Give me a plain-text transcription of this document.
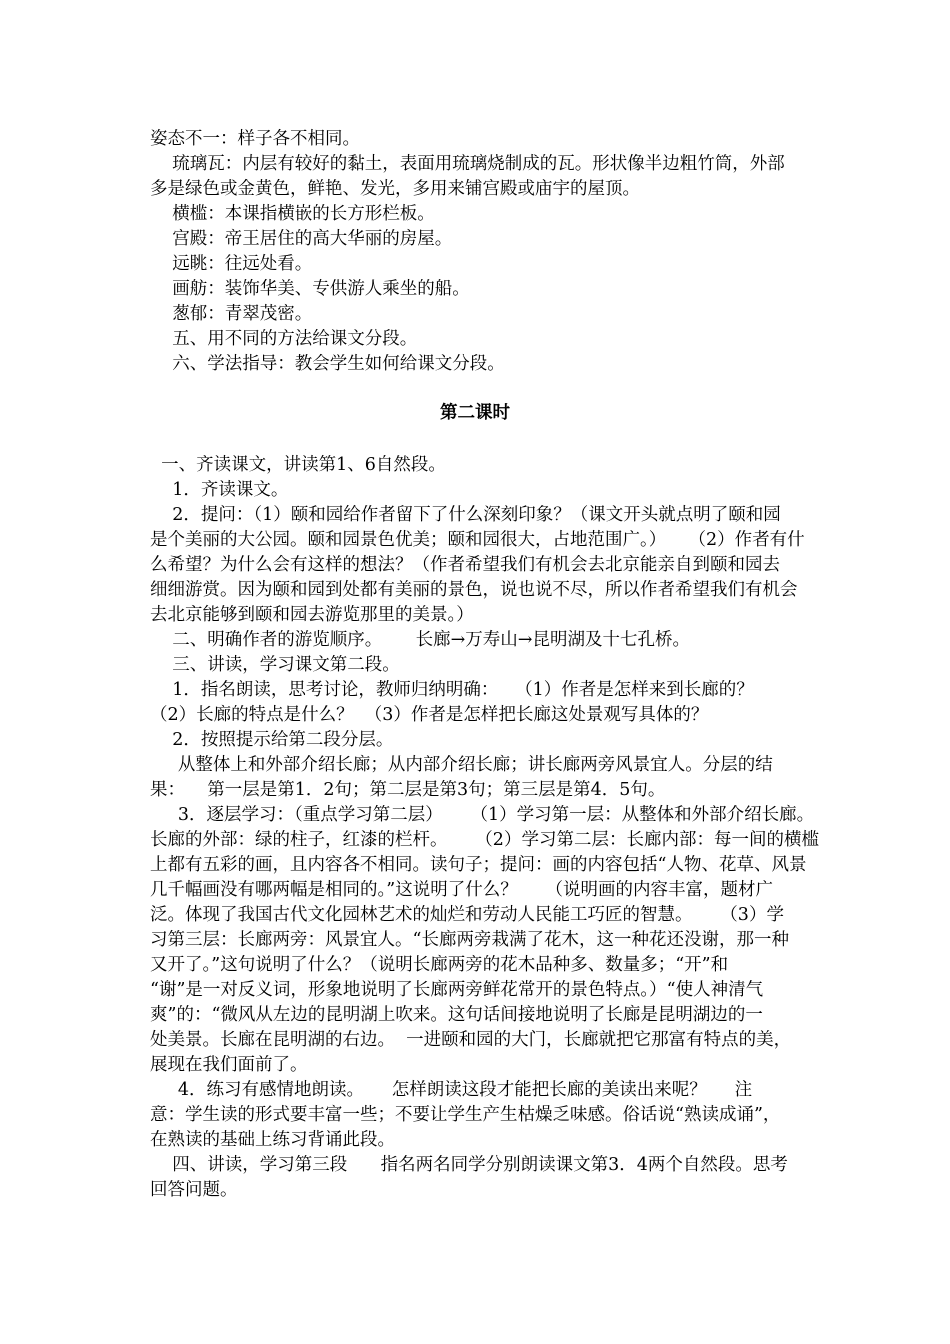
姿态不一：样子各不相同。
琉璃瓦：内层有较好的黏土，表面用琉璃烧制成的瓦。形状像半边粗竹筒，外部
多是绿色或金黄色，鲜艳、发光，多用来铺宫殿或庙宇的屋顶。
横槛：本课指横嵌的长方形栏板。
宫殿：帝王居住的高大华丽的房屋。
远眺：往远处看。
画舫：装饰华美、专供游人乘坐的船。
葱郁：青翠茂密。
五、用不同的方法给课文分段。
六、学法指导：教会学生如何给课文分段。
第二课时
一、齐读课文，讲读第1、6自然段。
1．齐读课文。
2．提问：（1）颐和园给作者留下了什么深刻印象？（课文开头就点明了颐和园
是个美丽的大公园。颐和园景色优美；颐和园很大，占地范围广。）    （2）作者有什
么希望？为什么会有这样的想法？（作者希望我们有机会去北京能亲自到颐和园去
细细游赏。因为颐和园到处都有美丽的景色，说也说不尽，所以作者希望我们有机会
去北京能够到颐和园去游览那里的美景。）
二、明确作者的游览顺序。      长廊→万寿山→昆明湖及十七孔桥。
三、讲读，学习课文第二段。
1．指名朗读，思考讨论，教师归纳明确：   （1）作者是怎样来到长廊的？
（2）长廊的特点是什么？  （3）作者是怎样把长廊这处景观写具体的？
2．按照提示给第二段分层。
从整体上和外部介绍长廊；从内部介绍长廊；讲长廊两旁风景宜人。分层的结
果：    第一层是第1．2句；第二层是第3句；第三层是第4．5句。
3．逐层学习：（重点学习第二层）     （1）学习第一层：从整体和外部介绍长廊。
长廊的外部：绿的柱子，红漆的栏杆。     （2）学习第二层：长廊内部：每一间的横槛
上都有五彩的画，且内容各不相同。读句子；提问：画的内容包括“人物、花草、风景
几千幅画没有哪两幅是相同的。”这说明了什么？     （说明画的内容丰富，题材广
泛。体现了我国古代文化园林艺术的灿烂和劳动人民能工巧匠的智慧。     （3）学
习第三层：长廊两旁：风景宜人。“长廊两旁栽满了花木，这一种花还没谢，那一种
又开了。”这句说明了什么？（说明长廊两旁的花木品种多、数量多；“开”和
“谢”是一对反义词，形象地说明了长廊两旁鲜花常开的景色特点。）“使人神清气
爽”的：“微风从左边的昆明湖上吹来。这句话间接地说明了长廊是昆明湖边的一
处美景。长廊在昆明湖的右边。  一进颐和园的大门，长廊就把它那富有特点的美，
展现在我们面前了。
4．练习有感情地朗读。     怎样朗读这段才能把长廊的美读出来呢？     注
意：学生读的形式要丰富一些；不要让学生产生枯燥乏味感。俗话说“熟读成诵”，
在熟读的基础上练习背诵此段。
四、讲读，学习第三段      指名两名同学分别朗读课文第3．4两个自然段。思考
回答问题。
